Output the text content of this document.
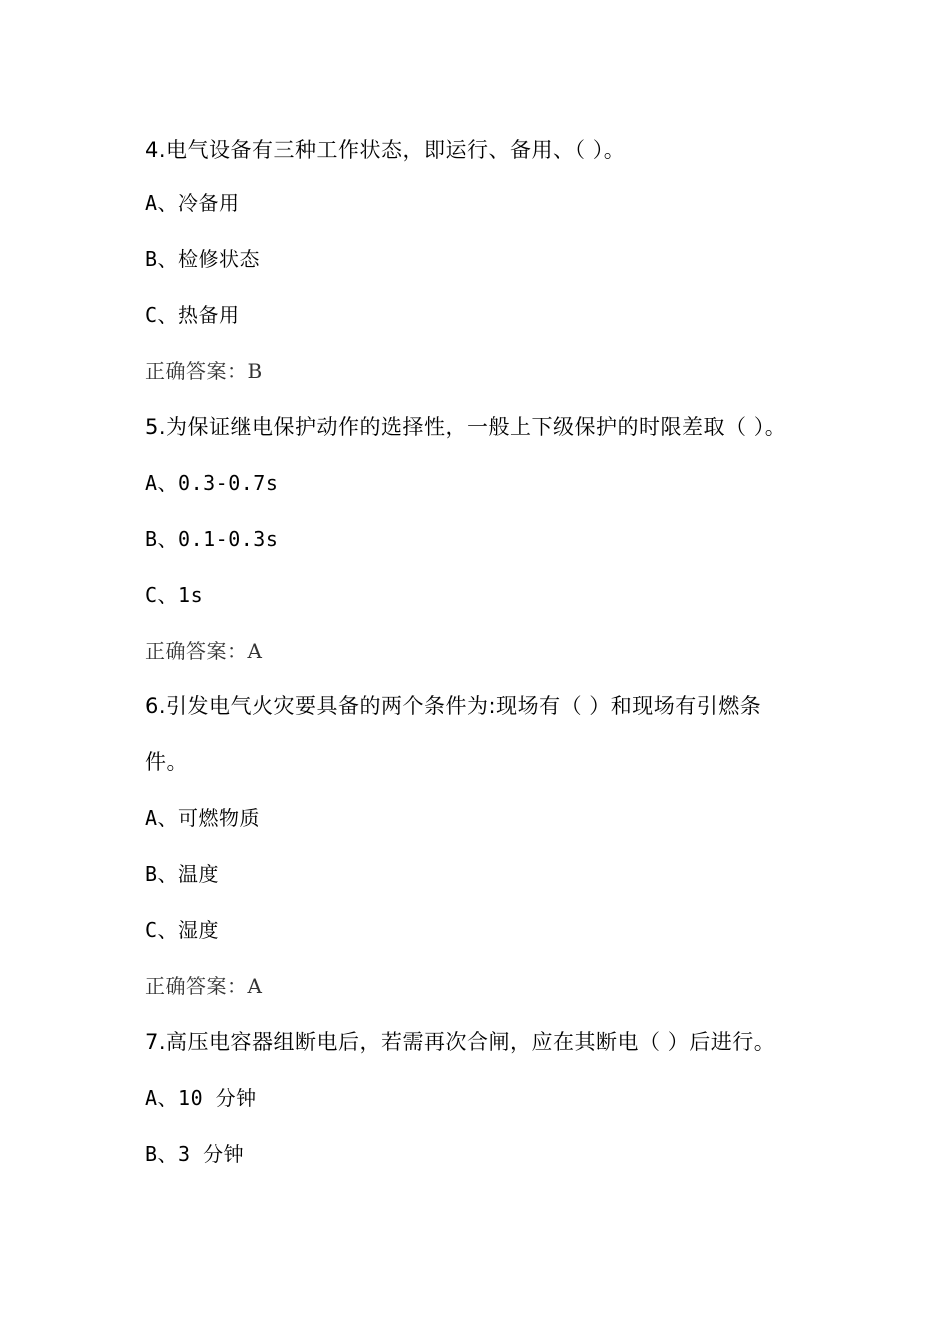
4.电气设备有三种工作状态，即运行、备用、（ ）。
A、冷备用
B、检修状态
C、热备用
正确答案：B
5.为保证继电保护动作的选择性，一般上下级保护的时限差取（ ）。
A、0.3-0.7s
B、0.1-0.3s
C、1s
正确答案：A
6.引发电气火灾要具备的两个条件为:现场有（ ）和现场有引燃条
件。
A、可燃物质
B、温度
C、湿度
正确答案：A
7.高压电容器组断电后，若需再次合闸，应在其断电（ ）后进行。
A、10 分钟
B、3 分钟
